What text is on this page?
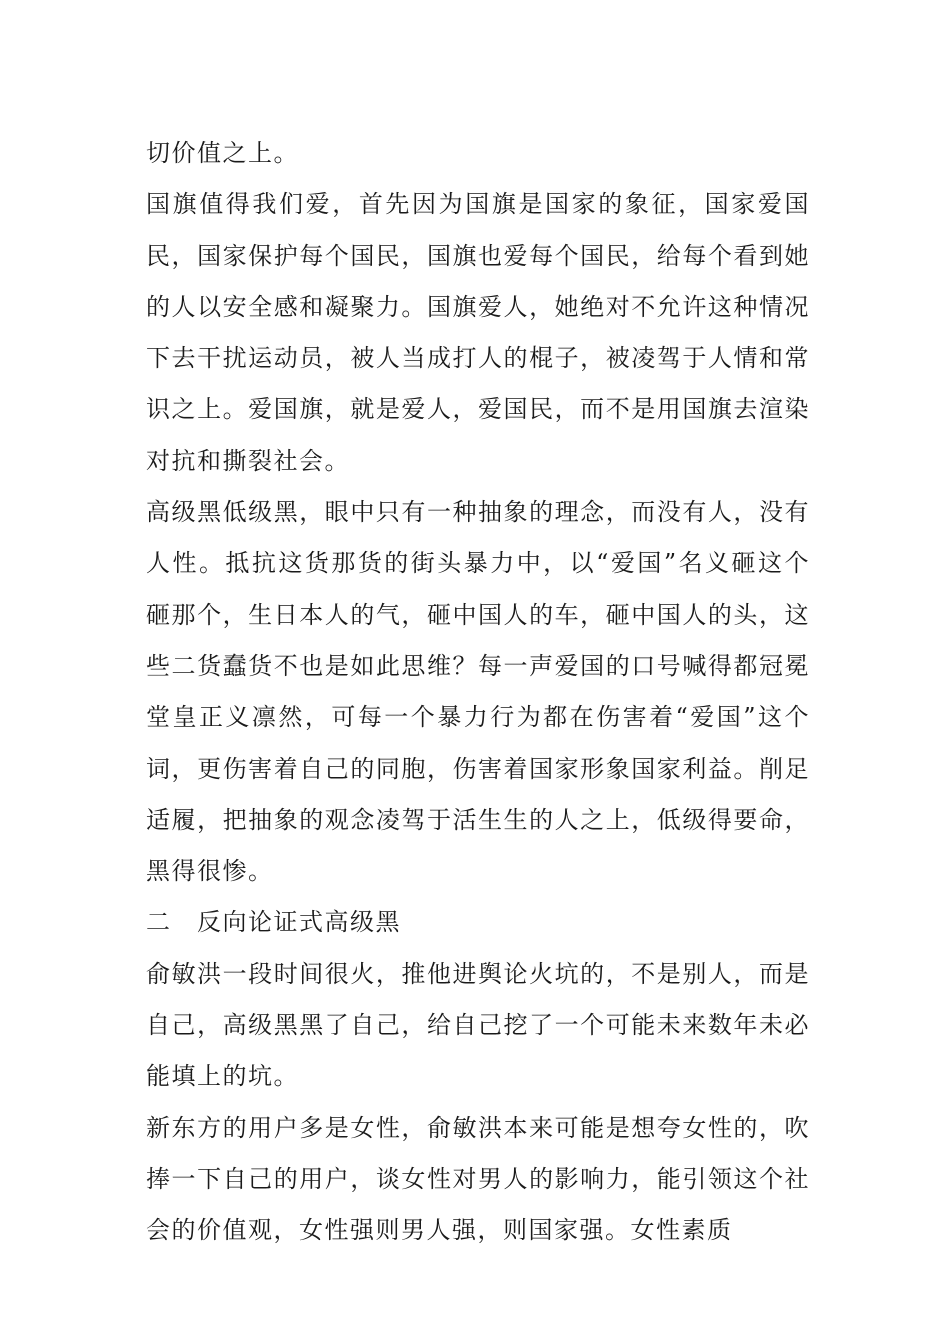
切价值之上。

国旗值得我们爱，首先因为国旗是国家的象征，国家爱国民，国家保护每个国民，国旗也爱每个国民，给每个看到她的人以安全感和凝聚力。国旗爱人，她绝对不允许这种情况下去干扰运动员，被人当成打人的棍子，被凌驾于人情和常识之上。爱国旗，就是爱人，爱国民，而不是用国旗去渲染对抗和撕裂社会。

高级黑低级黑，眼中只有一种抽象的理念，而没有人，没有人性。抵抗这货那货的街头暴力中，以“爱国”名义砸这个砸那个，生日本人的气，砸中国人的车，砸中国人的头，这些二货蠢货不也是如此思维？每一声爱国的口号喊得都冠冕堂皇正义凛然，可每一个暴力行为都在伤害着“爱国”这个词，更伤害着自己的同胞，伤害着国家形象国家利益。削足适履，把抽象的观念凌驾于活生生的人之上，低级得要命，黑得很惨。

二　反向论证式高级黑

俞敏洪一段时间很火，推他进舆论火坑的，不是别人，而是自己，高级黑黑了自己，给自己挖了一个可能未来数年未必能填上的坑。

新东方的用户多是女性，俞敏洪本来可能是想夸女性的，吹捧一下自己的用户，谈女性对男人的影响力，能引领这个社会的价值观，女性强则男人强，则国家强。女性素质
